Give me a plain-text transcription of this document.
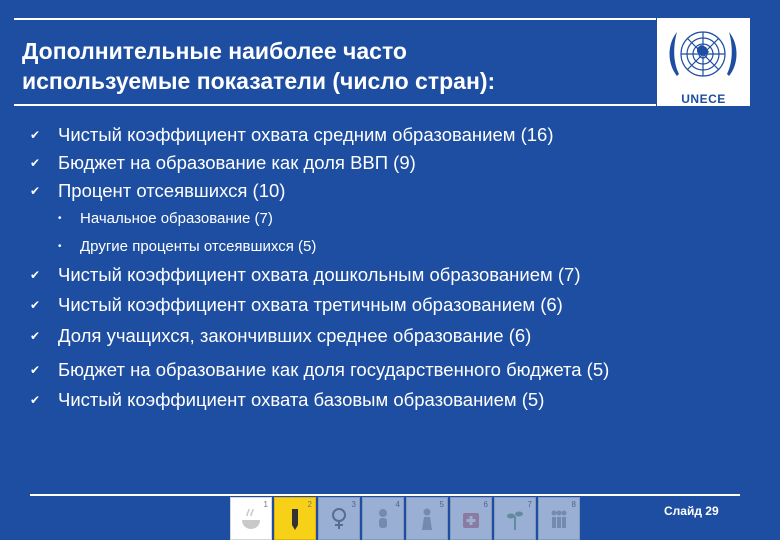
Дополнительные наиболее часто
используемые показатели (число стран):
UNECE
✔ Чистый коэффициент охвата средним образованием (16)
✔ Бюджет на образование как доля ВВП (9)
✔ Процент отсеявшихся (10)
•	Начальное образование (7)
•	Другие проценты отсеявшихся (5)
✔ Чистый коэффициент охвата дошкольным образованием (7)
✔ Чистый коэффициент охвата третичным образованием (6)
✔ Доля учащихся, закончивших среднее образование (6)
✔ Бюджет на образование как доля государственного бюджета (5)
✔ Чистый коэффициент охвата базовым образованием (5)
1	2	3	4	5	6	7	8	Слайд 29
